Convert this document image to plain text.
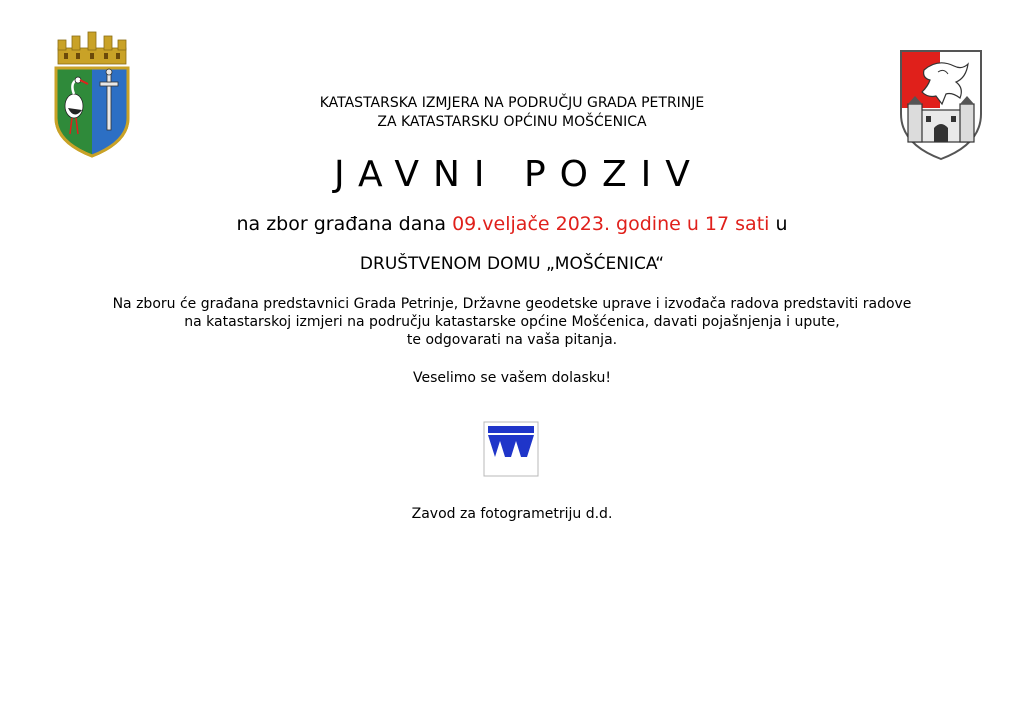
KATASTARSKA IZMJERA NA PODRUČJU GRADA PETRINJE
ZA KATASTARSKU OPĆINU MOŠĆENICA
JAVNI POZIV
na zbor građana dana 09.veljače 2023. godine u 17 sati u
DRUŠTVENOM DOMU „MOŠĆENICA“
Na zboru će građana predstavnici Grada Petrinje, Državne geodetske uprave i izvođača radova predstaviti radove
na katastarskoj izmjeri na području katastarske općine Mošćenica, davati pojašnjenja i upute,
te odgovarati na vaša pitanja.
Veselimo se vašem dolasku!
Zavod za fotogrametriju d.d.
